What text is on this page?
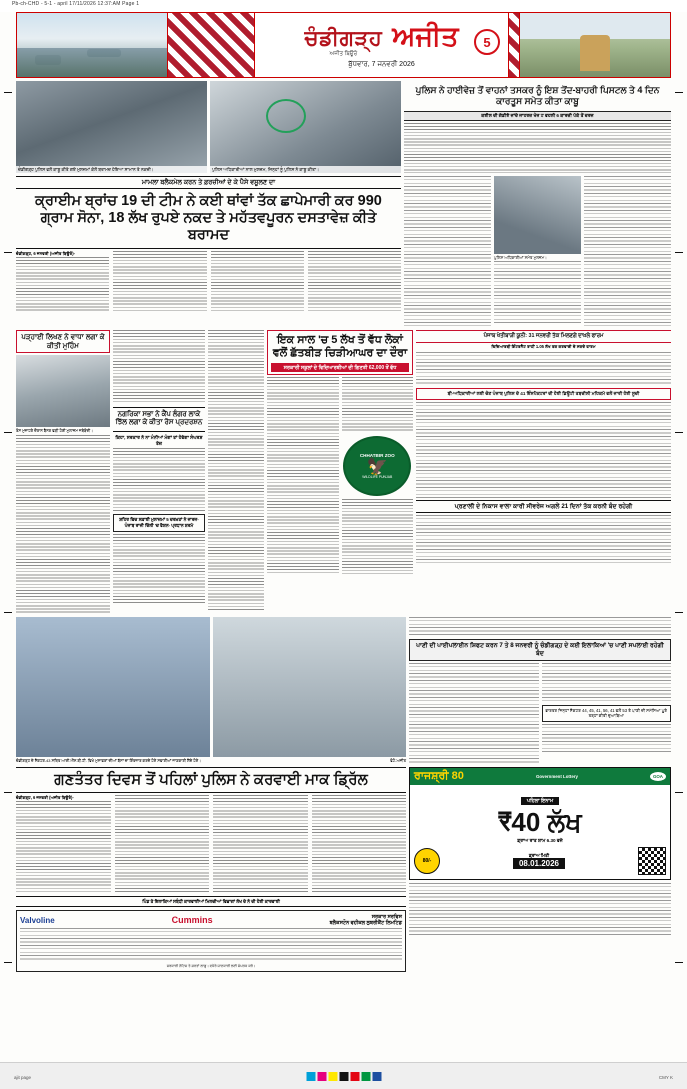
Pb-ch-CHD - 5-1 - april 17/11/2026 12:37:AM Page 1
ਚੰਡੀਗੜ੍ਹ
ਅਜੀਤ ਬਿਊਰੋ
ਅਜੀਤ
ਬੁੱਧਵਾਰ, 7 ਜਨਵਰੀ 2026
5
ਚੰਡੀਗੜ੍ਹ ਪੁਲਿਸ ਵਲੋਂ ਕਾਬੂ ਕੀਤੇ ਗਏ ਮੁਲਜ਼ਮਾਂ ਕੋਲੋਂ ਬਰਾਮਦ ਹੋਇਆ ਸਾਮਾਨ ਤੇ ਨਕਦੀ।	ਪੁਲਿਸ ਅਧਿਕਾਰੀਆਂ ਨਾਲ ਮੁਲਜ਼ਮ, ਜਿਨ੍ਹਾਂ ਨੂੰ ਪੁਲਿਸ ਨੇ ਕਾਬੂ ਕੀਤਾ।
ਪੁਲਿਸ ਨੇ ਹਾਈਵੇਜ਼ ਤੋਂ ਵਾਹਨਾਂ ਤਸਕਰ ਨੂੰ ਇਸ਼ ਤੋਂਦ-ਬਾਹਰੀ ਪਿਸਟਲ ਤੇ 4 ਦਿਨ ਕਾਰਤੂਸ ਸਮੇਤ ਕੀਤਾ ਕਾਬੂ
ਕਈਲ ਦੀ ਗੱਡੀਏ ਜਾਂਦੇ ਜਾਹਰਜ਼ ਖੋਜ ਟ ਵਹਲੀ 6 ਕਾਰਜ਼ੀ ਪੱਕੇ ਤੋਂ ਦਰਜ
ਮਾਮਲਾ ਬਲੈਕਮੇਲ ਕਰਨ ਤੇ ਫ਼ਰਜ਼ੀਆਂ ਦੇ ਕੇ ਪੈਸੇ ਵਸੂਲਣ ਦਾ
ਕ੍ਰਾਈਮ ਬ੍ਰਾਂਚ 19 ਦੀ ਟੀਮ ਨੇ ਕਈ ਥਾਂਵਾਂ ਤੱਕ ਛਾਪੇਮਾਰੀ ਕਰ 990 ਗ੍ਰਾਮ ਸੋਨਾ, 18 ਲੱਖ ਰੁਪਏ ਨਕਦ ਤੇ ਮਹੱਤਵਪੂਰਨ ਦਸਤਾਵੇਜ਼ ਕੀਤੇ ਬਰਾਮਦ
ਚੰਡੀਗੜ੍ਹ, 6 ਜਨਵਰੀ (ਅਜੀਤ ਬਿਊਰੋ)-
ਪੁਲਿਸ ਅਧਿਕਾਰੀਆਂ ਸਮੇਤ ਮੁਲਜ਼ਮ।
ਪੜ੍ਹਾਈ ਲਿਖਣ ਨੇ ਵਾਧਾ ਲਗਾ ਕੇ ਕੀਤੀ ਮੁਹਿੰਮ
ਰੋਸ ਮੁਜ਼ਾਹਰੇ ਦੌਰਾਨ ਬੈਨਰ ਫੜੀ ਹੋਈ ਮੁਲਾਜ਼ਮ ਜਥੇਬੰਦੀ।
ਨਗਰਿਕਾ ਸਭਾ ਨੇ ਕੈਂਪ ਲੰਗਰ ਲਾਕੇ ਝਿੱਲ ਲਗਾ ਕੇ ਕੀਤਾ ਰੋਸ ਪ੍ਰਦਰਸ਼ਨ
ਕਿਹਾ, ਸਰਕਾਰ ਨੇ ਨਾ ਮੰਨੀਆਂ ਮੰਗਾਂ ਤਾਂ ਹੋਵੇਗਾ ਸੰਘਰਸ਼ ਤੇਜ਼
ਸ਼ਹਿਰ ਵਿਚ ਸਫ਼ਾਈ ਮੁਲਾਜ਼ਮਾਂ 5 ਦਰਖ਼ਤਾਂ ਨੇ ਜਾਰਜ-ਪੰਜਾਬ ਰਾਜੀ ਦਿੱਲੀ 'ਚ ਫੈਸ਼ਨ- ਪ੍ਰਧਾਨ ਸ਼ਰਮੇ
ਇਕ ਸਾਲ 'ਚ 5 ਲੱਖ ਤੋਂ ਵੱਧ ਲੋਕਾਂ ਵਲੋਂ ਛੱਤਬੀੜ ਚਿੜੀਆਘਰ ਦਾ ਦੌਰਾ
ਸਰਕਾਰੀ ਸਕੂਲਾਂ ਦੇ ਵਿਦਿਆਰਥੀਆਂ ਦੀ ਗਿਣਤੀ 62,000 ਤੋਂ ਵੱਧ
CHHATBIR ZOO
🦅
WILDLIFE PUNJAB
ਪੰਜਾਬ ਖੇਤੀਬਾੜੀ ਯੂਨੀ: 31 ਜਨਵਰੀ ਤੱਕ ਮਿਲਣਗੇ ਦਾਖ਼ਲੇ ਫਾਰਮ
ਵਿਦਿਆਰਥੀ ਇੰਟਰਨੈੱਟ ਰਾਹੀਂ 1.05 ਲੱਖ ਤਕ ਕਰਵਾਈ ਦੇ ਸਕਦੇ ਫਾਰਮ
ਬੀ-ਅਧਿਕਾਰੀਆਂ ਲਈ ਚੋਣ ਪੰਜਾਬ ਪੁਲਿਸ ਦੇ 41 ਇੰਸਪੈਕਟਰਾਂ ਦੀ ਹੋਈ ਡਿਊਟੀ ਤਬਦੀਲੀ ਮਹਿਕਮੇ ਵਲੋਂ ਜਾਰੀ ਹੋਈ ਸੂਚੀ
ਪ੍ਰਣਾਲੀ ਦੇ ਨਿਕਾਸ ਵਾਲਾ ਕਾਰੀ ਸੀਵਰੇਜ ਅਗਲੇ 21 ਦਿਨਾਂ ਤੱਕ ਕਰਨੀ ਬੰਦ ਰਹੇਗੀ
ਚੰਡੀਗੜ੍ਹ ਦੇ ਸੈਕਟਰ-43 ਸਥਿਤ ਆਈ.ਐੱਸ.ਬੀ.ਟੀ. ਵਿਖੇ ਮੁਸਾਫਰਾਂ ਦੀਆਂ ਬੱਸਾਂ ਦਾ ਇੰਤਜ਼ਾਰ ਕਰਦੇ ਹੋਏ ਸਵਾਰੀਆਂ ਜਾਣਕਾਰੀ ਲੈਂਦੇ ਹੋਏ।	ਫੋਟੋ-ਅਜੀਤ
ਪਾਣੀ ਦੀ ਪਾਈਪਲਾਈਨ ਸ਼ਿਫਟ ਕਰਨ 7 ਤੇ 8 ਜਨਵਰੀ ਨੂੰ ਚੰਡੀਗੜ੍ਹ ਦੇ ਕਈ ਇਲਾਕਿਆਂ 'ਚ ਪਾਣੀ ਸਪਲਾਈ ਰਹੇਗੀ ਬੰਦ
ਭਾਰਤਰ ਜਿਨ੍ਹਾਂ ਸੈਕਟਰ 44, 45, 41, 56, 41 ਵਲੋਂ 53 ਤੇ ਪਾਣੀ ਦੀ ਸਮੱਸਿਆ ਪੂਰੇ ਤਰ੍ਹਾਂ ਕੀਤੀ ਦੁਆਬਿਆ
ਗਣਤੰਤਰ ਦਿਵਸ ਤੋਂ ਪਹਿਲਾਂ ਪੁਲਿਸ ਨੇ ਕਰਵਾਈ ਮਾਕ ਡ੍ਰਿੱਲ
ਚੰਡੀਗੜ੍ਹ, 6 ਜਨਵਰੀ (ਅਜੀਤ ਬਿਊਰੋ)-
ਪਿੰਡ ਤੇ ਇਲਾਕਿਆਂ ਸਬੰਧੀ ਕਾਰਵਾਈਆਂ ਮਿਲਦੀਆਂ ਵਿਭਾਗਾਂ ਲੱਖ ਦੇ ਨੇ ਦੀ ਹੋਈ ਕਾਰਵਾਈ
Valvoline	Cummins	ਸਰਕਾਰ ਸਰਵਿਸ
ਬਲੈਕਸਟੋਨ ਵਹੀਕਲ ਲੁਬਰੀਕੈਂਟ ਲਿਮਟਿਡ
ਸਰਕਾਰੀ ਨੋਟਿਸ ਤੇ ਸ਼ਰਤਾਂ ਲਾਗੂ। ਵਧੇਰੇ ਜਾਣਕਾਰੀ ਲਈ ਸੰਪਰਕ ਕਰੋ।
ਰਾਜਸ਼੍ਰੀ 80	Government Lottery	GOA
ਪਹਿਲਾ ਇਨਾਮ
₹40 ਲੱਖ
ਡ੍ਰਾਅ ਰਾਤ ਸ਼ਾਮ 6.30 ਵਜੇ
80/-
ਡ੍ਰਾਅ ਮਿਤੀ
08.01.2026
ajit page	CMY K
